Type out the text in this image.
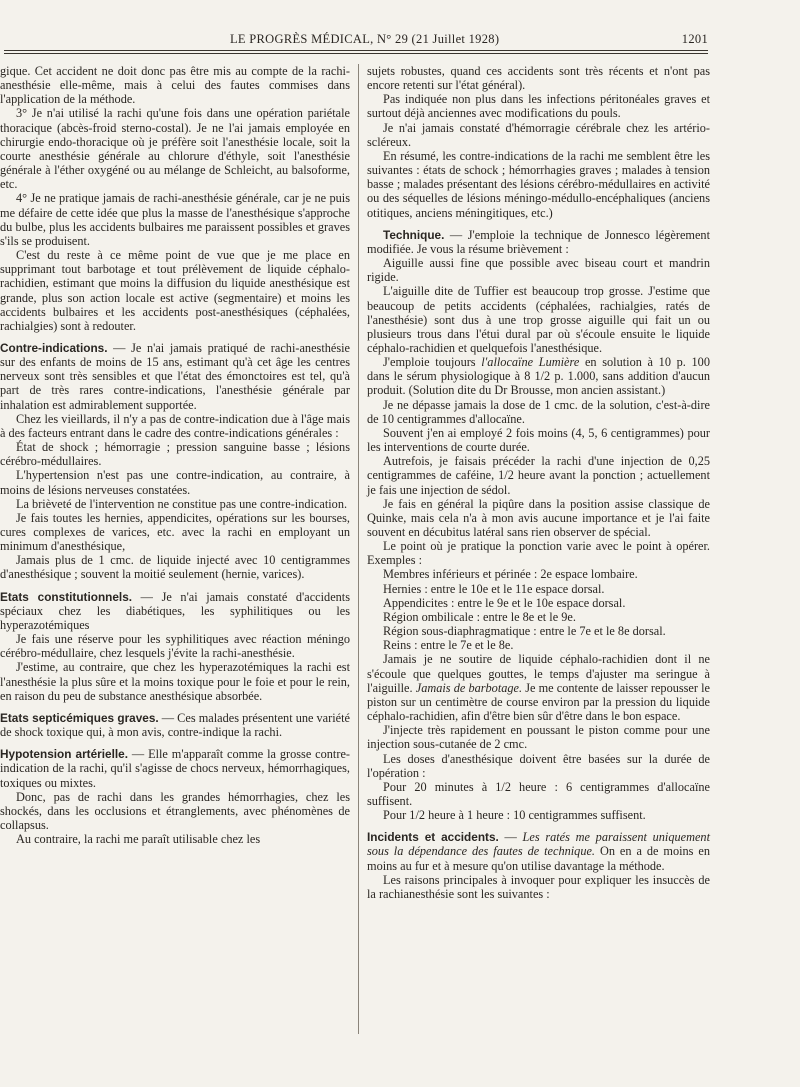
LE PROGRÈS MÉDICAL, N° 29 (21 Juillet 1928)	1201

gique. Cet accident ne doit donc pas être mis au compte de la rachi-anesthésie elle-même, mais à celui des fautes commises dans l'application de la méthode.

3° Je n'ai utilisé la rachi qu'une fois dans une opération pariétale thoracique (abcès-froid sterno-costal). Je ne l'ai jamais employée en chirurgie endo-thoracique où je préfère soit l'anesthésie locale, soit la courte anesthésie générale au chlorure d'éthyle, soit l'anesthésie générale à l'éther oxygéné ou au mélange de Schleicht, au balsoforme, etc.

4° Je ne pratique jamais de rachi-anesthésie générale, car je ne puis me défaire de cette idée que plus la masse de l'anesthésique s'approche du bulbe, plus les accidents bulbaires me paraissent possibles et graves s'ils se produisent.

C'est du reste à ce même point de vue que je me place en supprimant tout barbotage et tout prélèvement de liquide céphalo-rachidien, estimant que moins la diffusion du liquide anesthésique est grande, plus son action locale est active (segmentaire) et moins les accidents bulbaires et les accidents post-anesthésiques (céphalées, rachialgies) sont à redouter.

Contre-indications. — Je n'ai jamais pratiqué de rachi-anesthésie sur des enfants de moins de 15 ans, estimant qu'à cet âge les centres nerveux sont très sensibles et que l'état des émonctoires est tel, qu'à part de très rares contre-indications, l'anesthésie générale par inhalation est admirablement supportée.

Chez les vieillards, il n'y a pas de contre-indication due à l'âge mais à des facteurs entrant dans le cadre des contre-indications générales :

État de shock ; hémorragie ; pression sanguine basse ; lésions cérébro-médullaires.

L'hypertension n'est pas une contre-indication, au contraire, à moins de lésions nerveuses constatées.

La brièveté de l'intervention ne constitue pas une contre-indication.

Je fais toutes les hernies, appendicites, opérations sur les bourses, cures complexes de varices, etc. avec la rachi en employant un minimum d'anesthésique,

Jamais plus de 1 cmc. de liquide injecté avec 10 centigrammes d'anesthésique ; souvent la moitié seulement (hernie, varices).

Etats constitutionnels. — Je n'ai jamais constaté d'accidents spéciaux chez les diabétiques, les syphilitiques ou les hyperazotémiques

Je fais une réserve pour les syphilitiques avec réaction méningo cérébro-médullaire, chez lesquels j'évite la rachi-anesthésie.

J'estime, au contraire, que chez les hyperazotémiques la rachi est l'anesthésie la plus sûre et la moins toxique pour le foie et pour le rein, en raison du peu de substance anesthésique absorbée.

Etats septicémiques graves. — Ces malades présentent une variété de shock toxique qui, à mon avis, contre-indique la rachi.

Hypotension artérielle. — Elle m'apparaît comme la grosse contre-indication de la rachi, qu'il s'agisse de chocs nerveux, hémorrhagiques, toxiques ou mixtes.

Donc, pas de rachi dans les grandes hémorrhagies, chez les shockés, dans les occlusions et étranglements, avec phénomènes de collapsus.

Au contraire, la rachi me paraît utilisable chez les

sujets robustes, quand ces accidents sont très récents et n'ont pas encore retenti sur l'état général).

Pas indiquée non plus dans les infections péritonéales graves et surtout déjà anciennes avec modifications du pouls.

Je n'ai jamais constaté d'hémorragie cérébrale chez les artério-scléreux.

En résumé, les contre-indications de la rachi me semblent être les suivantes : états de schock ; hémorrhagies graves ; malades à tension basse ; malades présentant des lésions cérébro-médullaires en activité ou des séquelles de lésions méningo-médullo-encéphaliques (anciens otitiques, anciens méningitiques, etc.)

Technique. — J'emploie la technique de Jonnesco légèrement modifiée. Je vous la résume brièvement :

Aiguille aussi fine que possible avec biseau court et mandrin rigide.

L'aiguille dite de Tuffier est beaucoup trop grosse. J'estime que beaucoup de petits accidents (céphalées, rachialgies, ratés de l'anesthésie) sont dus à une trop grosse aiguille qui fait un ou plusieurs trous dans l'étui dural par où s'écoule ensuite le liquide céphalo-rachidien et quelquefois l'anesthésique.

J'emploie toujours l'allocaïne Lumière en solution à 10 p. 100 dans le sérum physiologique à 8 1/2 p. 1.000, sans addition d'aucun produit. (Solution dite du Dr Brousse, mon ancien assistant.)

Je ne dépasse jamais la dose de 1 cmc. de la solution, c'est-à-dire de 10 centigrammes d'allocaïne.

Souvent j'en ai employé 2 fois moins (4, 5, 6 centigrammes) pour les interventions de courte durée.

Autrefois, je faisais précéder la rachi d'une injection de 0,25 centigrammes de caféine, 1/2 heure avant la ponction ; actuellement je fais une injection de sédol.

Je fais en général la piqûre dans la position assise classique de Quinke, mais cela n'a à mon avis aucune importance et je l'ai faite souvent en décubitus latéral sans rien observer de spécial.

Le point où je pratique la ponction varie avec le point à opérer. Exemples :

Membres inférieurs et périnée : 2e espace lombaire.

Hernies : entre le 10e et le 11e espace dorsal.

Appendicites : entre le 9e et le 10e espace dorsal.

Région ombilicale : entre le 8e et le 9e.

Région sous-diaphragmatique : entre le 7e et le 8e dorsal.

Reins : entre le 7e et le 8e.

Jamais je ne soutire de liquide céphalo-rachidien dont il ne s'écoule que quelques gouttes, le temps d'ajuster ma seringue à l'aiguille. Jamais de barbotage. Je me contente de laisser repousser le piston sur un centimètre de course environ par la pression du liquide céphalo-rachidien, afin d'être bien sûr d'être dans le bon espace.

J'injecte très rapidement en poussant le piston comme pour une injection sous-cutanée de 2 cmc.

Les doses d'anesthésique doivent être basées sur la durée de l'opération :

Pour 20 minutes à 1/2 heure : 6 centigrammes d'allocaïne suffisent.

Pour 1/2 heure à 1 heure : 10 centigrammes suffisent.

Incidents et accidents. — Les ratés me paraissent uniquement sous la dépendance des fautes de technique. On en a de moins en moins au fur et à mesure qu'on utilise davantage la méthode.

Les raisons principales à invoquer pour expliquer les insuccès de la rachianesthésie sont les suivantes :
